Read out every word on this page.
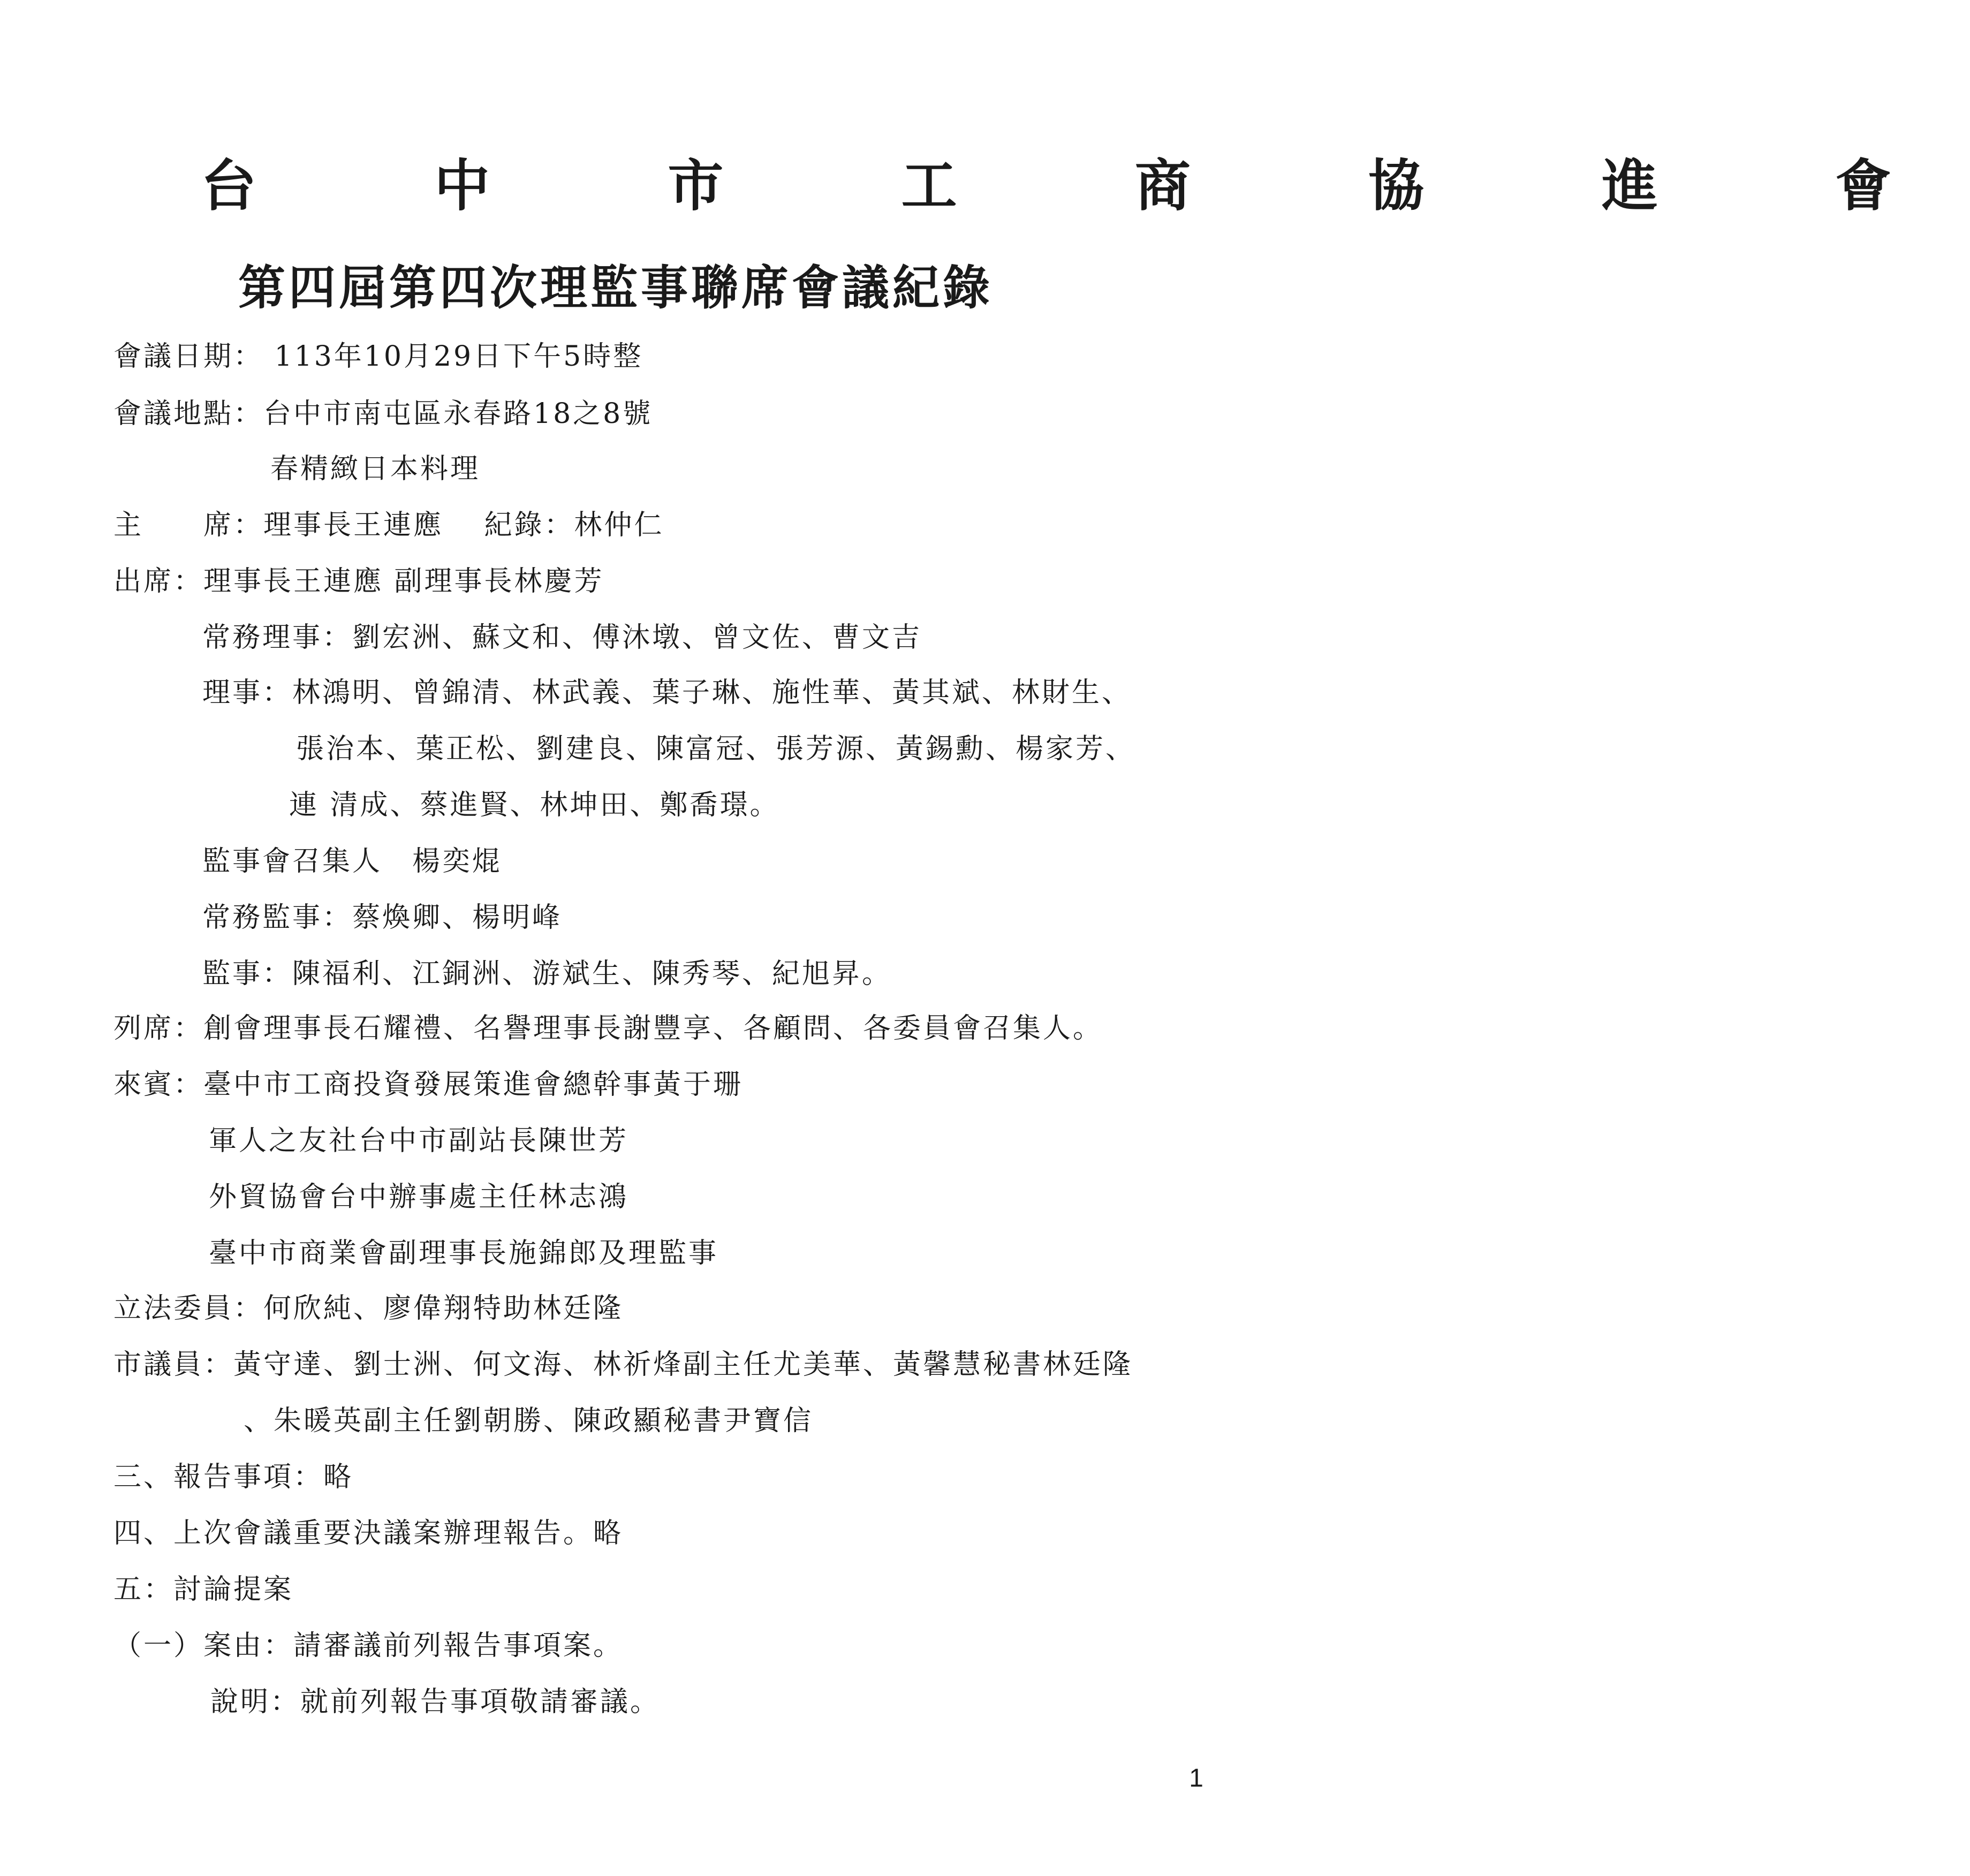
台 中 市 工 商 協 進 會
第四屆第四次理監事聯席會議紀錄
會議日期： 113年10月29日下午5時整
會議地點：台中市南屯區永春路18之8號
春精緻日本料理
主　　席：理事長王連應　 紀錄：林仲仁
出席：理事長王連應 副理事長林慶芳
常務理事：劉宏洲、蘇文和、傅沐墩、曾文佐、曹文吉
理事：林鴻明、曾錦清、林武義、葉子琳、施性華、黃其斌、林財生、
張治本、葉正松、劉建良、陳富冠、張芳源、黃錫勳、楊家芳、
連 清成、蔡進賢、林坤田、鄭喬璟。
監事會召集人　楊奕焜
常務監事：蔡煥卿、楊明峰
監事：陳福利、江銅洲、游斌生、陳秀琴、紀旭昇。
列席：創會理事長石耀禮、名譽理事長謝豐享、各顧問、各委員會召集人。
來賓：臺中市工商投資發展策進會總幹事黃于珊
軍人之友社台中市副站長陳世芳
外貿協會台中辦事處主任林志鴻
臺中市商業會副理事長施錦郎及理監事
立法委員：何欣純、廖偉翔特助林廷隆
市議員：黃守達、劉士洲、何文海、林祈烽副主任尤美華、黃馨慧秘書林廷隆
、朱暖英副主任劉朝勝、陳政顯秘書尹寶信
三、報告事項：略
四、上次會議重要決議案辦理報告。略
五：討論提案
（一）案由：請審議前列報告事項案。
說明：就前列報告事項敬請審議。
1
